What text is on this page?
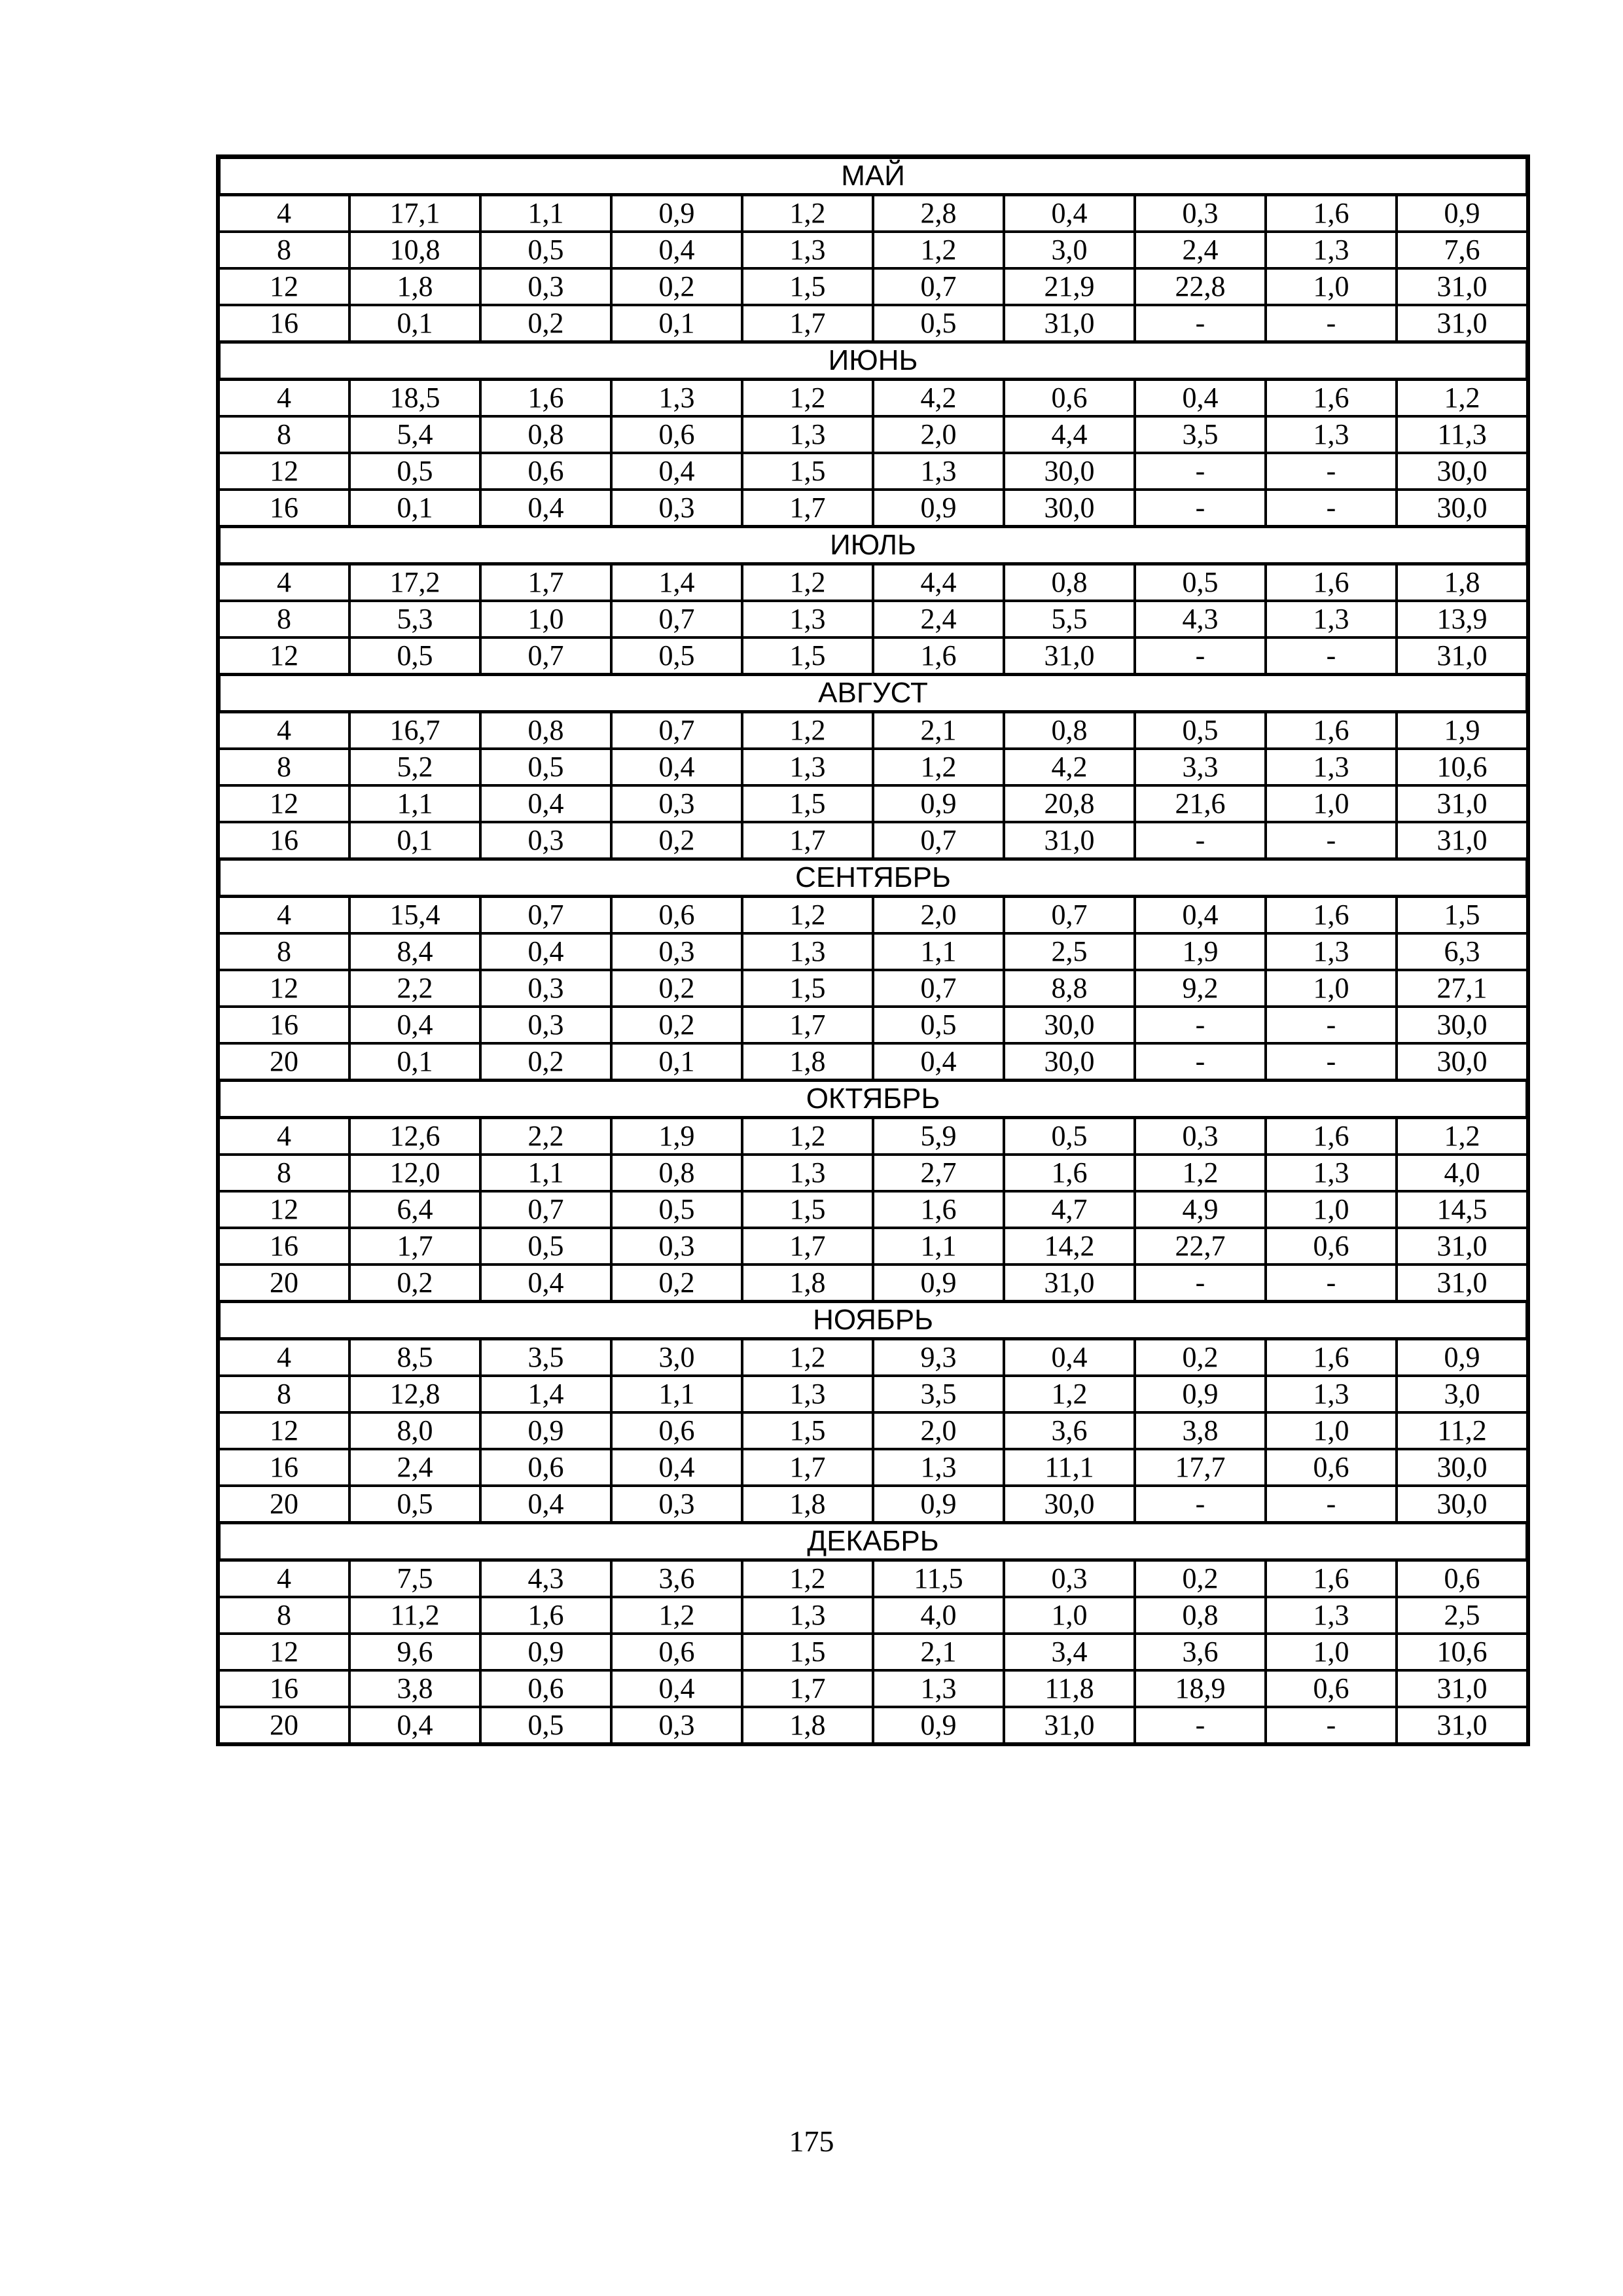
МАЙ									
4	17,1	1,1	0,9	1,2	2,8	0,4	0,3	1,6	0,9
8	10,8	0,5	0,4	1,3	1,2	3,0	2,4	1,3	7,6
12	1,8	0,3	0,2	1,5	0,7	21,9	22,8	1,0	31,0
16	0,1	0,2	0,1	1,7	0,5	31,0	-	-	31,0
ИЮНЬ									
4	18,5	1,6	1,3	1,2	4,2	0,6	0,4	1,6	1,2
8	5,4	0,8	0,6	1,3	2,0	4,4	3,5	1,3	11,3
12	0,5	0,6	0,4	1,5	1,3	30,0	-	-	30,0
16	0,1	0,4	0,3	1,7	0,9	30,0	-	-	30,0
ИЮЛЬ									
4	17,2	1,7	1,4	1,2	4,4	0,8	0,5	1,6	1,8
8	5,3	1,0	0,7	1,3	2,4	5,5	4,3	1,3	13,9
12	0,5	0,7	0,5	1,5	1,6	31,0	-	-	31,0
АВГУСТ									
4	16,7	0,8	0,7	1,2	2,1	0,8	0,5	1,6	1,9
8	5,2	0,5	0,4	1,3	1,2	4,2	3,3	1,3	10,6
12	1,1	0,4	0,3	1,5	0,9	20,8	21,6	1,0	31,0
16	0,1	0,3	0,2	1,7	0,7	31,0	-	-	31,0
СЕНТЯБРЬ									
4	15,4	0,7	0,6	1,2	2,0	0,7	0,4	1,6	1,5
8	8,4	0,4	0,3	1,3	1,1	2,5	1,9	1,3	6,3
12	2,2	0,3	0,2	1,5	0,7	8,8	9,2	1,0	27,1
16	0,4	0,3	0,2	1,7	0,5	30,0	-	-	30,0
20	0,1	0,2	0,1	1,8	0,4	30,0	-	-	30,0
ОКТЯБРЬ									
4	12,6	2,2	1,9	1,2	5,9	0,5	0,3	1,6	1,2
8	12,0	1,1	0,8	1,3	2,7	1,6	1,2	1,3	4,0
12	6,4	0,7	0,5	1,5	1,6	4,7	4,9	1,0	14,5
16	1,7	0,5	0,3	1,7	1,1	14,2	22,7	0,6	31,0
20	0,2	0,4	0,2	1,8	0,9	31,0	-	-	31,0
НОЯБРЬ									
4	8,5	3,5	3,0	1,2	9,3	0,4	0,2	1,6	0,9
8	12,8	1,4	1,1	1,3	3,5	1,2	0,9	1,3	3,0
12	8,0	0,9	0,6	1,5	2,0	3,6	3,8	1,0	11,2
16	2,4	0,6	0,4	1,7	1,3	11,1	17,7	0,6	30,0
20	0,5	0,4	0,3	1,8	0,9	30,0	-	-	30,0
ДЕКАБРЬ									
4	7,5	4,3	3,6	1,2	11,5	0,3	0,2	1,6	0,6
8	11,2	1,6	1,2	1,3	4,0	1,0	0,8	1,3	2,5
12	9,6	0,9	0,6	1,5	2,1	3,4	3,6	1,0	10,6
16	3,8	0,6	0,4	1,7	1,3	11,8	18,9	0,6	31,0
20	0,4	0,5	0,3	1,8	0,9	31,0	-	-	31,0
175
